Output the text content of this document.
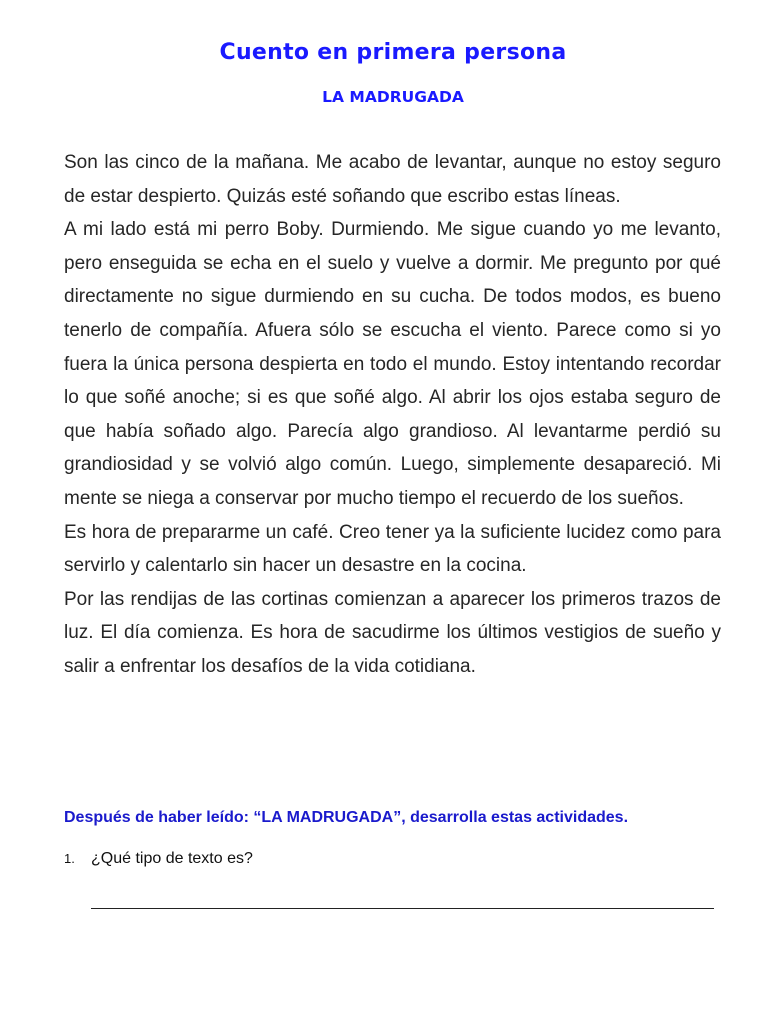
Cuento en primera persona
LA MADRUGADA

Son las cinco de la mañana. Me acabo de levantar, aunque no estoy seguro de estar despierto. Quizás esté soñando que escribo estas líneas.

A mi lado está mi perro Boby. Durmiendo. Me sigue cuando yo me levanto, pero enseguida se echa en el suelo y vuelve a dormir. Me pregunto por qué directamente no sigue durmiendo en su cucha. De todos modos, es bueno tenerlo de compañía. Afuera sólo se escucha el viento. Parece como si yo fuera la única persona despierta en todo el mundo. Estoy intentando recordar lo que soñé anoche; si es que soñé algo. Al abrir los ojos estaba seguro de que había soñado algo. Parecía algo grandioso. Al levantarme perdió su grandiosidad y se volvió algo común. Luego, simplemente desapareció. Mi mente se niega a conservar por mucho tiempo el recuerdo de los sueños.

Es hora de prepararme un café. Creo tener ya la suficiente lucidez como para servirlo y calentarlo sin hacer un desastre en la cocina.

Por las rendijas de las cortinas comienzan a aparecer los primeros trazos de luz. El día comienza. Es hora de sacudirme los últimos vestigios de sueño y salir a enfrentar los desafíos de la vida cotidiana.

Después de haber leído: “LA MADRUGADA”, desarrolla estas actividades.

1.	¿Qué tipo de texto es?
